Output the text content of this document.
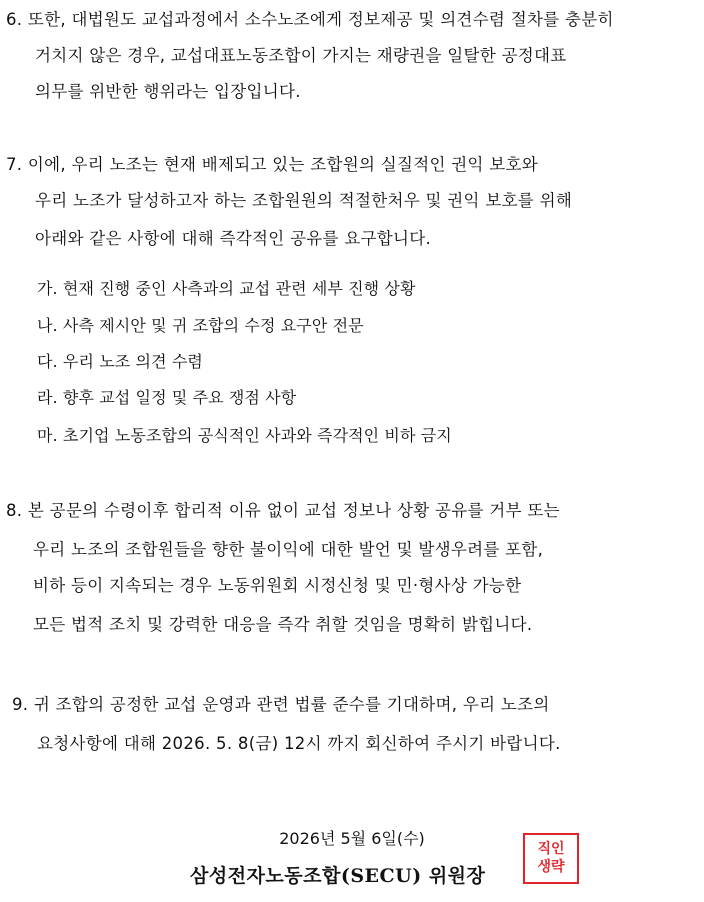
6. 또한, 대법원도 교섭과정에서 소수노조에게 정보제공 및 의견수렴 절차를 충분히
거치지 않은 경우, 교섭대표노동조합이 가지는 재량권을 일탈한 공정대표
의무를 위반한 행위라는 입장입니다.
7. 이에, 우리 노조는 현재 배제되고 있는 조합원의 실질적인 권익 보호와
우리 노조가 달성하고자 하는 조합원원의 적절한처우 및 권익 보호를 위해
아래와 같은 사항에 대해 즉각적인 공유를 요구합니다.
가. 현재 진행 중인 사측과의 교섭 관련 세부 진행 상황
나. 사측 제시안 및 귀 조합의 수정 요구안 전문
다. 우리 노조 의견 수렴
라. 향후 교섭 일정 및 주요 쟁점 사항
마. 초기업 노동조합의 공식적인 사과와 즉각적인 비하 금지
8. 본 공문의 수령이후 합리적 이유 없이 교섭 정보나 상황 공유를 거부 또는
우리 노조의 조합원들을 향한 불이익에 대한 발언 및 발생우려를 포함,
비하 등이 지속되는 경우 노동위원회 시정신청 및 민·형사상 가능한
모든 법적 조치 및 강력한 대응을 즉각 취할 것임을 명확히 밝힙니다.
9. 귀 조합의 공정한 교섭 운영과 관련 법률 준수를 기대하며, 우리 노조의
요청사항에 대해 2026. 5. 8(금) 12시 까지 회신하여 주시기 바랍니다.
2026년 5월 6일(수)
삼성전자노동조합(SECU) 위원장
직인
생략
